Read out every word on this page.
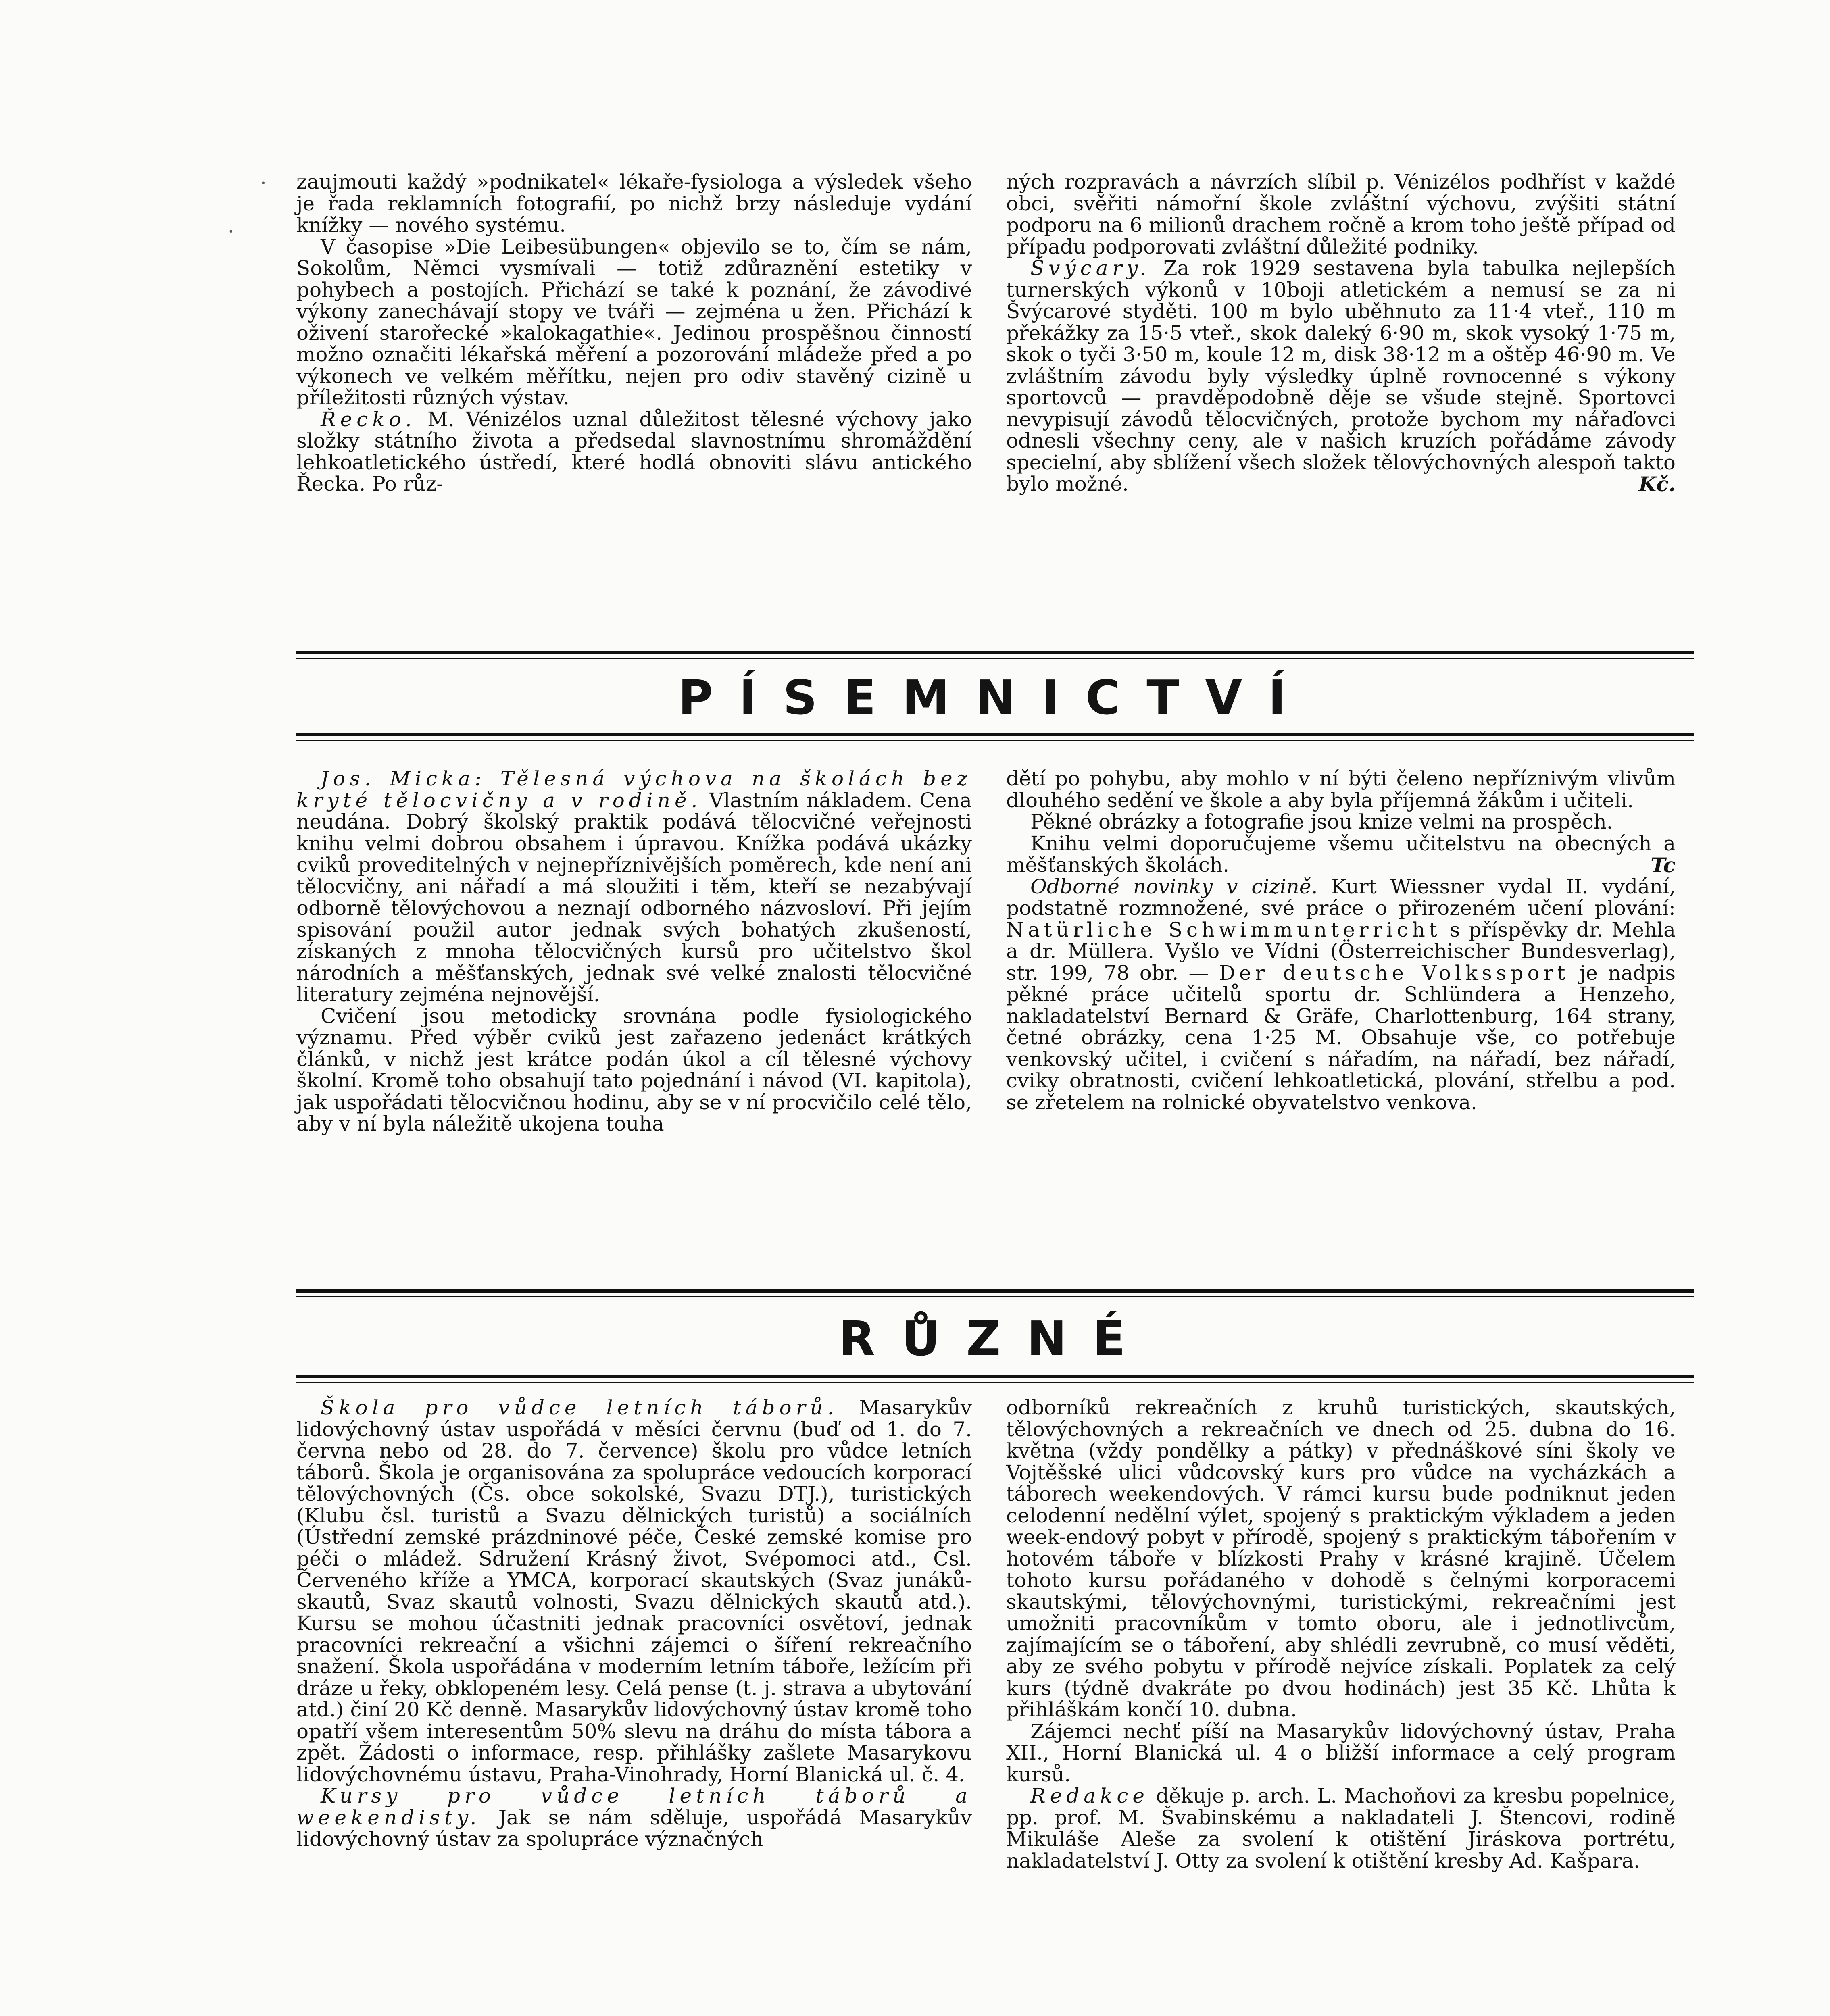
·
·

zaujmouti každý »podnikatel« lékaře-fysiologa a výsledek všeho je řada reklamních fotografií, po nichž brzy následuje vydání knížky — nového systému.

V časopise »Die Leibesübungen« objevilo se to, čím se nám, Sokolům, Němci vysmívali — totiž zdůraznění estetiky v pohybech a postojích. Přichází se také k poznání, že závodivé výkony zanechávají stopy ve tváři — zejména u žen. Přichází k oživení starořecké »kalokagathie«. Jedinou prospěšnou činností možno označiti lékařská měření a pozorování mládeže před a po výkonech ve velkém měřítku, nejen pro odiv stavěný cizině u příležitosti různých výstav.

Řecko. M. Vénizélos uznal důležitost tělesné výchovy jako složky státního života a předsedal slavnostnímu shromáždění lehkoatletického ústředí, které hodlá obnoviti slávu antického Řecka. Po růz-

ných rozpravách a návrzích slíbil p. Vénizélos podhříst v každé obci, svěřiti námořní škole zvláštní výchovu, zvýšiti státní podporu na 6 milionů drachem ročně a krom toho ještě případ od případu podporovati zvláštní důležité podniky.

Švýcary. Za rok 1929 sestavena byla tabulka nejlepších turnerských výkonů v 10boji atletickém a nemusí se za ni Švýcarové styděti. 100 m bylo uběhnuto za 11·4 vteř., 110 m překážky za 15·5 vteř., skok daleký 6·90 m, skok vysoký 1·75 m, skok o tyči 3·50 m, koule 12 m, disk 38·12 m a oštěp 46·90 m. Ve zvláštním závodu byly výsledky úplně rovnocenné s výkony sportovců — pravděpodobně děje se všude stejně. Sportovci nevypisují závodů tělocvičných, protože bychom my nářaďovci odnesli všechny ceny, ale v našich kruzích pořádáme závody specielní, aby sblížení všech složek tělovýchovných alespoň takto bylo možné.	Kč.

PÍSEMNICTVÍ

Jos. Micka: Tělesná výchova na školách bez kryté tělocvičny a v rodině. Vlastním nákladem. Cena neudána. Dobrý školský praktik podává tělocvičné veřejnosti knihu velmi dobrou obsahem i úpravou. Knížka podává ukázky cviků proveditelných v nejnepříznivějších poměrech, kde není ani tělocvičny, ani nářadí a má sloužiti i těm, kteří se nezabývají odborně tělovýchovou a neznají odborného názvosloví. Při jejím spisování použil autor jednak svých bohatých zkušeností, získaných z mnoha tělocvičných kursů pro učitelstvo škol národních a měšťanských, jednak své velké znalosti tělocvičné literatury zejména nejnovější.

Cvičení jsou metodicky srovnána podle fysiologického významu. Před výběr cviků jest zařazeno jedenáct krátkých článků, v nichž jest krátce podán úkol a cíl tělesné výchovy školní. Kromě toho obsahují tato pojednání i návod (VI. kapitola), jak uspořádati tělocvičnou hodinu, aby se v ní procvičilo celé tělo, aby v ní byla náležitě ukojena touha

dětí po pohybu, aby mohlo v ní býti čeleno nepříznivým vlivům dlouhého sedění ve škole a aby byla příjemná žákům i učiteli.

Pěkné obrázky a fotografie jsou knize velmi na prospěch.

Knihu velmi doporučujeme všemu učitelstvu na obecných a měšťanských školách.	Tc

Odborné novinky v cizině. Kurt Wiessner vydal II. vydání, podstatně rozmnožené, své práce o přirozeném učení plování: Natürliche Schwimmunterricht s příspěvky dr. Mehla a dr. Müllera. Vyšlo ve Vídni (Österreichischer Bundesverlag), str. 199, 78 obr. — Der deutsche Volkssport je nadpis pěkné práce učitelů sportu dr. Schlündera a Henzeho, nakladatelství Bernard & Gräfe, Charlottenburg, 164 strany, četné obrázky, cena 1·25 M. Obsahuje vše, co potřebuje venkovský učitel, i cvičení s nářadím, na nářadí, bez nářadí, cviky obratnosti, cvičení lehkoatletická, plování, střelbu a pod. se zřetelem na rolnické obyvatelstvo venkova.

RŮZNÉ

Škola pro vůdce letních táborů. Masarykův lidovýchovný ústav uspořádá v měsíci červnu (buď od 1. do 7. června nebo od 28. do 7. července) školu pro vůdce letních táborů. Škola je organisována za spolupráce vedoucích korporací tělovýchovných (Čs. obce sokolské, Svazu DTJ.), turistických (Klubu čsl. turistů a Svazu dělnických turistů) a sociálních (Ústřední zemské prázdninové péče, České zemské komise pro péči o mládež. Sdružení Krásný život, Svépomoci atd., Čsl. Červeného kříže a YMCA, korporací skautských (Svaz junáků-skautů, Svaz skautů volnosti, Svazu dělnických skautů atd.). Kursu se mohou účastniti jednak pracovníci osvětoví, jednak pracovníci rekreační a všichni zájemci o šíření rekreačního snažení. Škola uspořádána v moderním letním táboře, ležícím při dráze u řeky, obklopeném lesy. Celá pense (t. j. strava a ubytování atd.) činí 20 Kč denně. Masarykův lidovýchovný ústav kromě toho opatří všem interesentům 50% slevu na dráhu do místa tábora a zpět. Žádosti o informace, resp. přihlášky zašlete Masarykovu lidovýchovnému ústavu, Praha-Vinohrady, Horní Blanická ul. č. 4.

Kursy pro vůdce letních táborů a weekendisty. Jak se nám sděluje, uspořádá Masarykův lidovýchovný ústav za spolupráce význačných

odborníků rekreačních z kruhů turistických, skautských, tělovýchovných a rekreačních ve dnech od 25. dubna do 16. května (vždy pondělky a pátky) v přednáškové síni školy ve Vojtěšské ulici vůdcovský kurs pro vůdce na vycházkách a táborech weekendových. V rámci kursu bude podniknut jeden celodenní nedělní výlet, spojený s praktickým výkladem a jeden week-endový pobyt v přírodě, spojený s praktickým tábořením v hotovém táboře v blízkosti Prahy v krásné krajině. Účelem tohoto kursu pořádaného v dohodě s čelnými korporacemi skautskými, tělovýchovnými, turistickými, rekreačními jest umožniti pracovníkům v tomto oboru, ale i jednotlivcům, zajímajícím se o táboření, aby shlédli zevrubně, co musí věděti, aby ze svého pobytu v přírodě nejvíce získali. Poplatek za celý kurs (týdně dvakráte po dvou hodinách) jest 35 Kč. Lhůta k přihláškám končí 10. dubna.

Zájemci nechť píší na Masarykův lidovýchovný ústav, Praha XII., Horní Blanická ul. 4 o bližší informace a celý program kursů.

Redakce děkuje p. arch. L. Machoňovi za kresbu popelnice, pp. prof. M. Švabinskému a nakladateli J. Štencovi, rodině Mikuláše Aleše za svolení k otištění Jiráskova portrétu, nakladatelství J. Otty za svolení k otištění kresby Ad. Kašpara.
